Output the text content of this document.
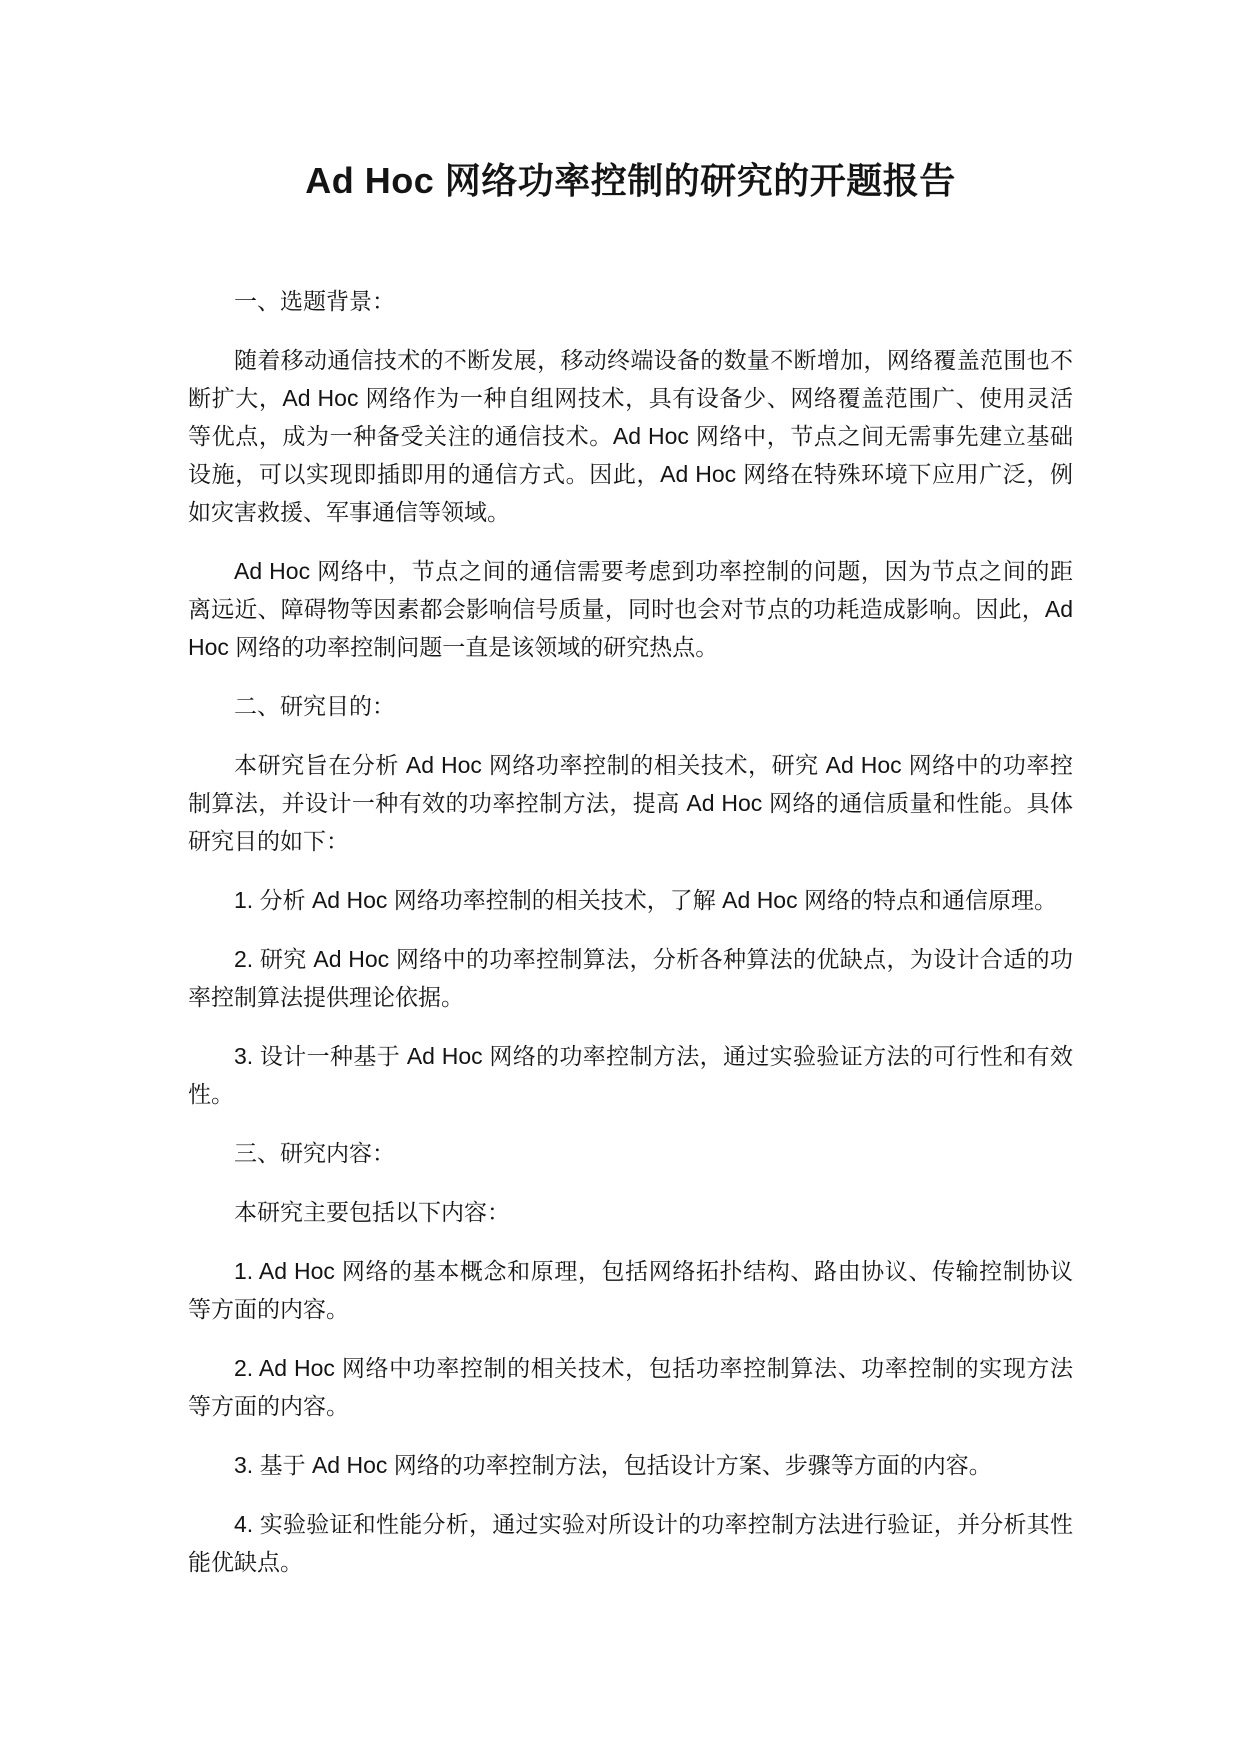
Ad Hoc 网络功率控制的研究的开题报告

一、选题背景：

随着移动通信技术的不断发展，移动终端设备的数量不断增加，网络覆盖范围也不断扩大，Ad Hoc 网络作为一种自组网技术，具有设备少、网络覆盖范围广、使用灵活等优点，成为一种备受关注的通信技术。Ad Hoc 网络中，节点之间无需事先建立基础设施，可以实现即插即用的通信方式。因此，Ad Hoc 网络在特殊环境下应用广泛，例如灾害救援、军事通信等领域。

Ad Hoc 网络中，节点之间的通信需要考虑到功率控制的问题，因为节点之间的距离远近、障碍物等因素都会影响信号质量，同时也会对节点的功耗造成影响。因此，Ad Hoc 网络的功率控制问题一直是该领域的研究热点。

二、研究目的：

本研究旨在分析 Ad Hoc 网络功率控制的相关技术，研究 Ad Hoc 网络中的功率控制算法，并设计一种有效的功率控制方法，提高 Ad Hoc 网络的通信质量和性能。具体研究目的如下：

1. 分析 Ad Hoc 网络功率控制的相关技术，了解 Ad Hoc 网络的特点和通信原理。

2. 研究 Ad Hoc 网络中的功率控制算法，分析各种算法的优缺点，为设计合适的功率控制算法提供理论依据。

3. 设计一种基于 Ad Hoc 网络的功率控制方法，通过实验验证方法的可行性和有效性。

三、研究内容：

本研究主要包括以下内容：

1. Ad Hoc 网络的基本概念和原理，包括网络拓扑结构、路由协议、传输控制协议等方面的内容。

2. Ad Hoc 网络中功率控制的相关技术，包括功率控制算法、功率控制的实现方法等方面的内容。

3. 基于 Ad Hoc 网络的功率控制方法，包括设计方案、步骤等方面的内容。

4. 实验验证和性能分析，通过实验对所设计的功率控制方法进行验证，并分析其性能优缺点。
